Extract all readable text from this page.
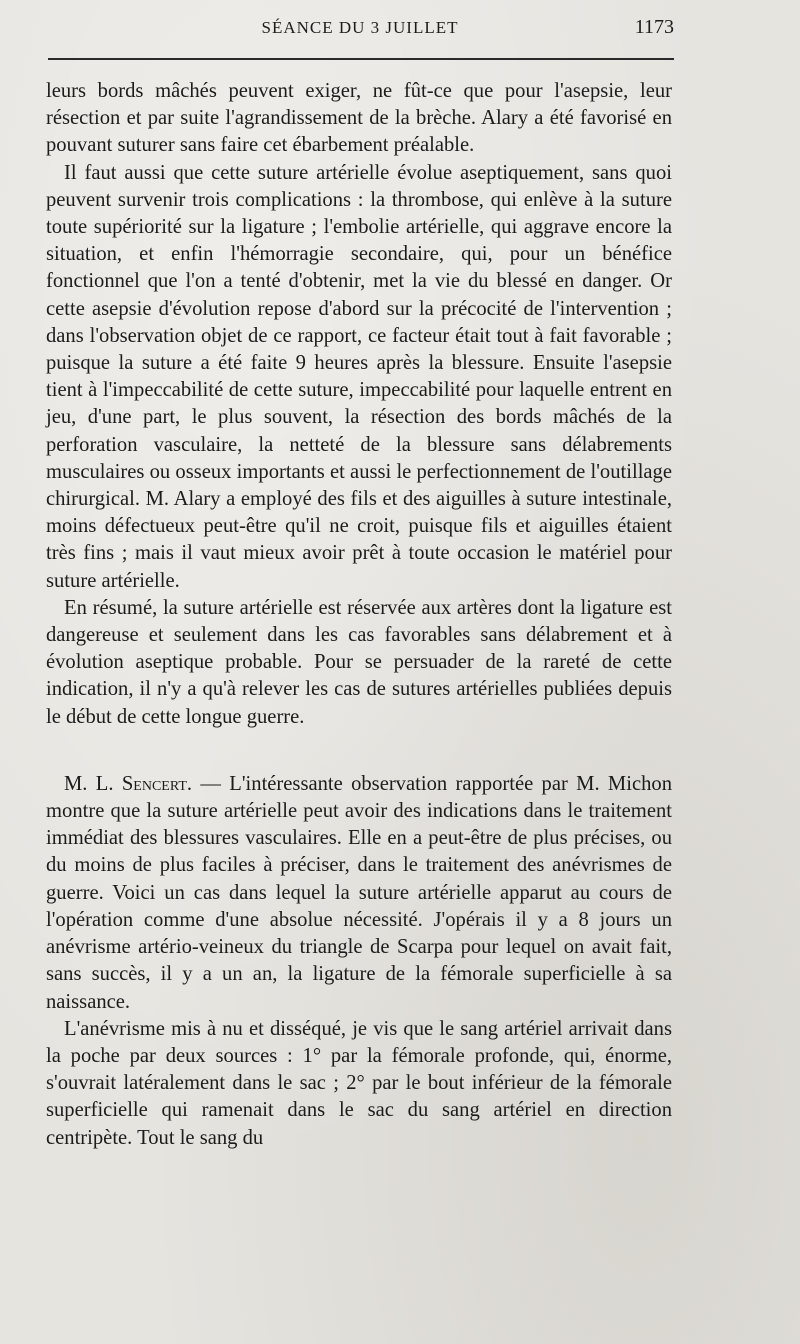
SÉANCE DU 3 JUILLET	1173

leurs bords mâchés peuvent exiger, ne fût-ce que pour l'asepsie, leur résection et par suite l'agrandissement de la brèche. Alary a été favorisé en pouvant suturer sans faire cet ébarbement préalable.

Il faut aussi que cette suture artérielle évolue aseptiquement, sans quoi peuvent survenir trois complications : la thrombose, qui enlève à la suture toute supériorité sur la ligature ; l'embolie artérielle, qui aggrave encore la situation, et enfin l'hémorragie secondaire, qui, pour un bénéfice fonctionnel que l'on a tenté d'obtenir, met la vie du blessé en danger. Or cette asepsie d'évolution repose d'abord sur la précocité de l'intervention ; dans l'observation objet de ce rapport, ce facteur était tout à fait favorable ; puisque la suture a été faite 9 heures après la blessure. Ensuite l'asepsie tient à l'impeccabilité de cette suture, impeccabilité pour laquelle entrent en jeu, d'une part, le plus souvent, la résection des bords mâchés de la perforation vasculaire, la netteté de la blessure sans délabrements musculaires ou osseux importants et aussi le perfectionnement de l'outillage chirurgical. M. Alary a employé des fils et des aiguilles à suture intestinale, moins défectueux peut-être qu'il ne croit, puisque fils et aiguilles étaient très fins ; mais il vaut mieux avoir prêt à toute occasion le matériel pour suture artérielle.

En résumé, la suture artérielle est réservée aux artères dont la ligature est dangereuse et seulement dans les cas favorables sans délabrement et à évolution aseptique probable. Pour se persuader de la rareté de cette indication, il n'y a qu'à relever les cas de sutures artérielles publiées depuis le début de cette longue guerre.

M. L. Sencert. — L'intéressante observation rapportée par M. Michon montre que la suture artérielle peut avoir des indications dans le traitement immédiat des blessures vasculaires. Elle en a peut-être de plus précises, ou du moins de plus faciles à préciser, dans le traitement des anévrismes de guerre. Voici un cas dans lequel la suture artérielle apparut au cours de l'opération comme d'une absolue nécessité. J'opérais il y a 8 jours un anévrisme artério-veineux du triangle de Scarpa pour lequel on avait fait, sans succès, il y a un an, la ligature de la fémorale superficielle à sa naissance.

L'anévrisme mis à nu et disséqué, je vis que le sang artériel arrivait dans la poche par deux sources : 1° par la fémorale profonde, qui, énorme, s'ouvrait latéralement dans le sac ; 2° par le bout inférieur de la fémorale superficielle qui ramenait dans le sac du sang artériel en direction centripète. Tout le sang du
